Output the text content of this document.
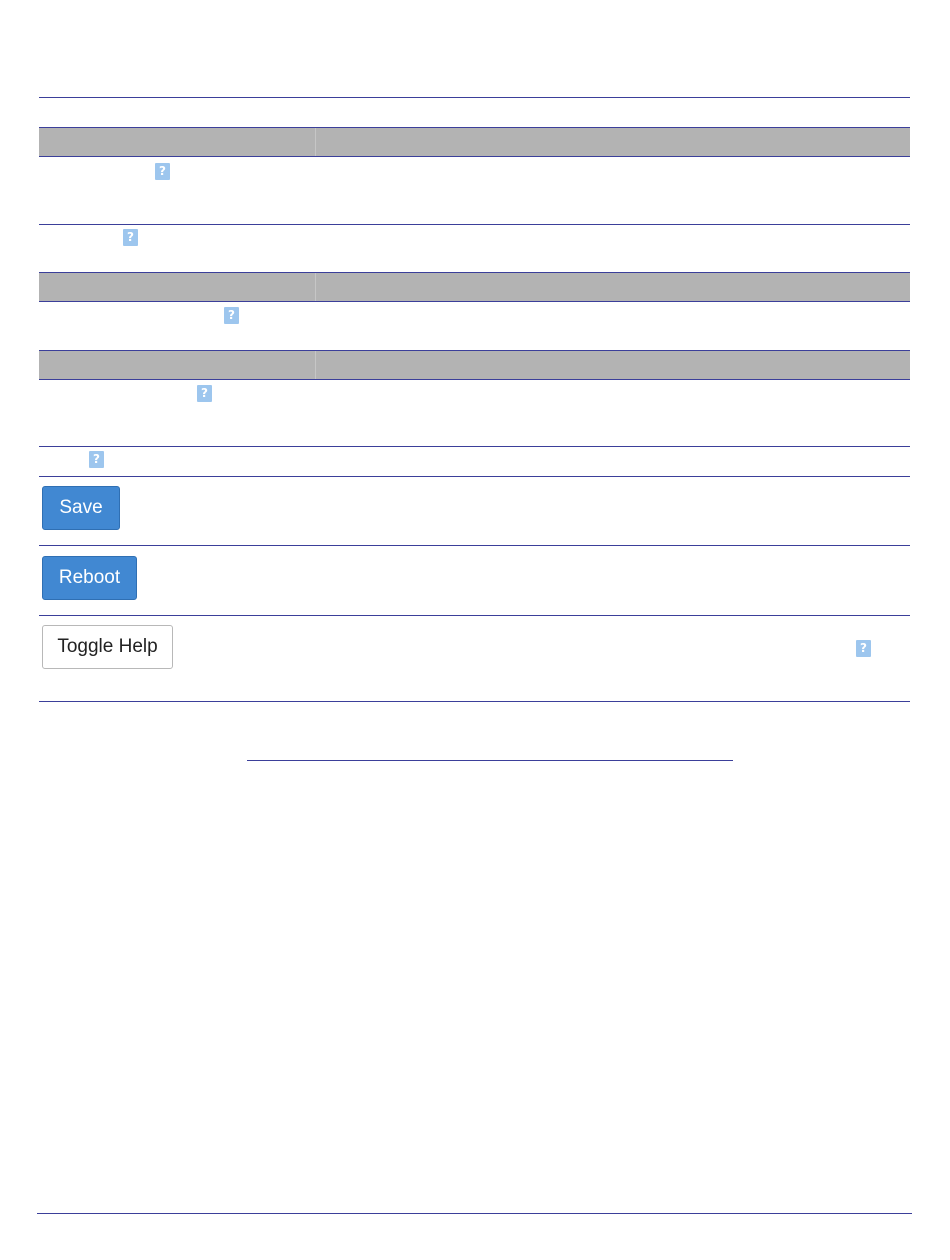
?
?
?
?
?
Save
Reboot
Toggle Help	?
